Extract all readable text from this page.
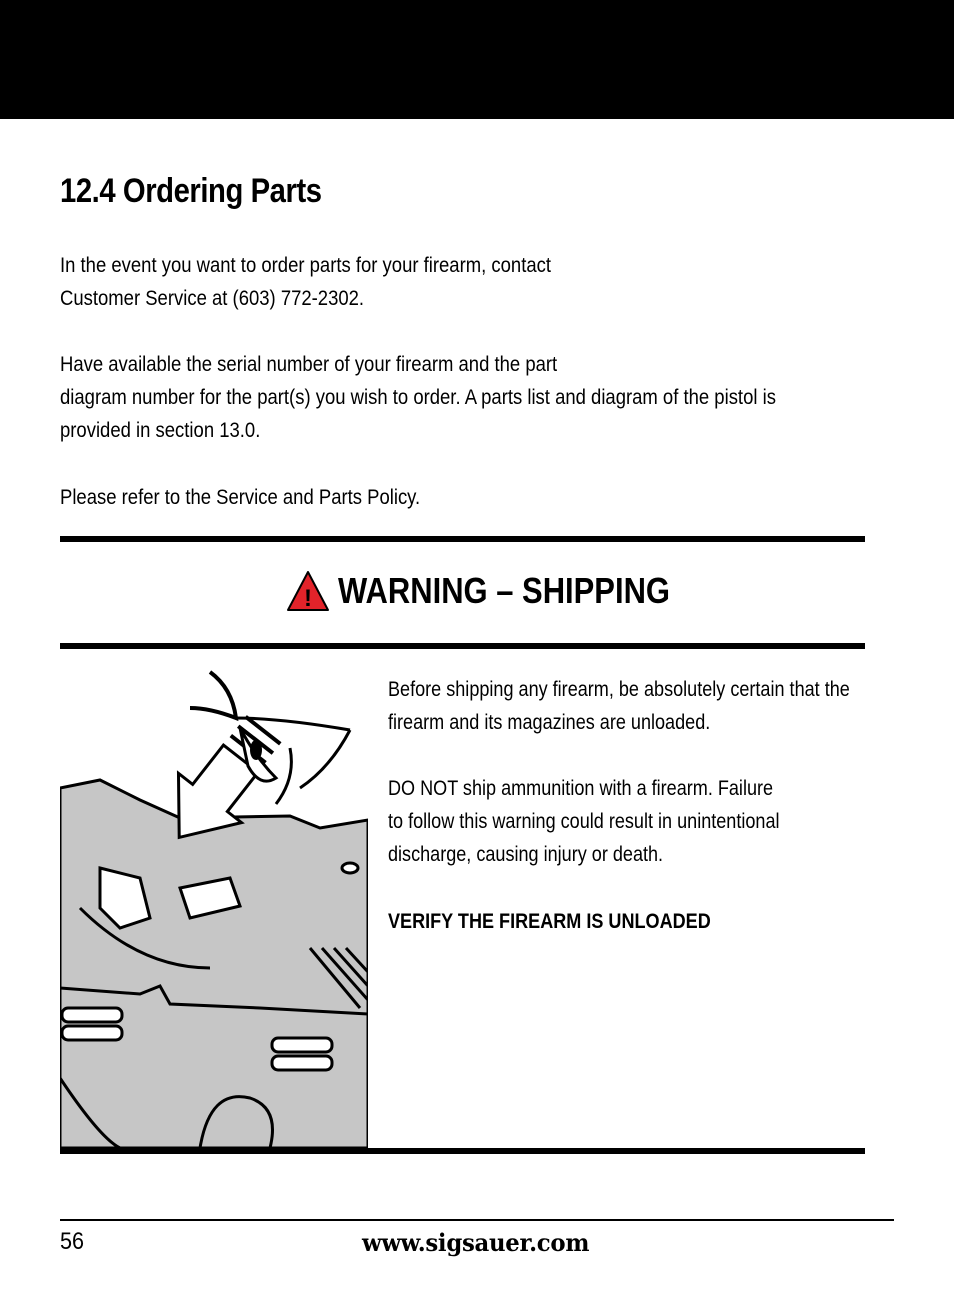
12.4 Ordering Parts
In the event you want to order parts for your firearm, contact
Customer Service at (603) 772-2302.
Have available the serial number of your firearm and the part
diagram number for the part(s) you wish to order. A parts list and diagram of the pistol is
provided in section 13.0.
Please refer to the Service and Parts Policy.
! WARNING – SHIPPING
Before shipping any firearm, be absolutely certain that the
firearm and its magazines are unloaded.
DO NOT ship ammunition with a firearm. Failure
to follow this warning could result in unintentional
discharge, causing injury or death.
VERIFY THE FIREARM IS UNLOADED
56	www.sigsauer.com
